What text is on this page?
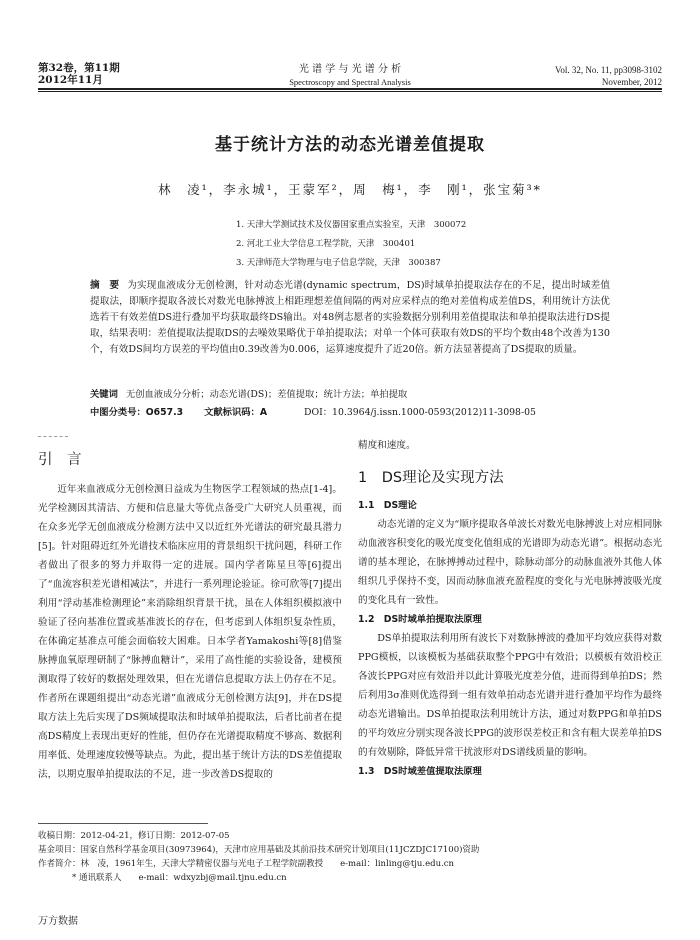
第32卷，第11期
2012年11月
光 谱 学 与 光 谱 分 析
Spectroscopy and Spectral Analysis
Vol. 32, No. 11, pp3098-3102
November, 2012
基于统计方法的动态光谱差值提取
林　凌¹，李永城¹，王蒙军²，周　梅¹，李　刚¹，张宝菊³*
1. 天津大学测试技术及仪器国家重点实验室，天津　300072
2. 河北工业大学信息工程学院，天津　300401
3. 天津师范大学物理与电子信息学院，天津　300387
摘　要 为实现血液成分无创检测，针对动态光谱(dynamic spectrum，DS)时域单拍提取法存在的不足，提出时域差值提取法，即顺序提取各波长对数光电脉搏波上相距理想差值间隔的两对应采样点的绝对差值构成差值DS，利用统计方法优选若干有效差值DS进行叠加平均获取最终DS输出。对48例志愿者的实验数据分别利用差值提取法和单拍提取法进行DS提取，结果表明：差值提取法提取DS的去噪效果略优于单拍提取法；对单一个体可获取有效DS的平均个数由48个改善为130个，有效DS间均方误差的平均值由0.39改善为0.006，运算速度提升了近20倍。新方法显著提高了DS提取的质量。
关键词 无创血液成分分析；动态光谱(DS)；差值提取；统计方法；单拍提取
中图分类号：O657.3 文献标识码：A	DOI：10.3964/j.issn.1000-0593(2012)11-3098-05
引　言

近年来血液成分无创检测日益成为生物医学工程领域的热点[1-4]。光学检测因其清洁、方便和信息量大等优点备受广大研究人员重视，而在众多光学无创血液成分检测方法中又以近红外光谱法的研究最具潜力[5]。针对阻碍近红外光谱技术临床应用的背景组织干扰问题，科研工作者做出了很多的努力并取得一定的进展。国内学者陈星旦等[6]提出了“血流容积差光谱相减法”，并进行一系列理论验证。徐可欣等[7]提出利用“浮动基准检测理论”来消除组织背景干扰，虽在人体组织模拟液中验证了径向基准位置或基准波长的存在，但考虑到人体组织复杂性质，在体确定基准点可能会面临较大困难。日本学者Yamakoshi等[8]借鉴脉搏血氧原理研制了“脉搏血糖计”，采用了高性能的实验设备，建模预测取得了较好的数据处理效果，但在光谱信息提取方法上仍存在不足。作者所在课题组提出“动态光谱”血液成分无创检测方法[9]，并在DS提取方法上先后实现了DS频域提取法和时域单拍提取法，后者比前者在提高DS精度上表现出更好的性能，但仍存在光谱提取精度不够高、数据利用率低、处理速度较慢等缺点。为此，提出基于统计方法的DS差值提取法，以期克服单拍提取法的不足，进一步改善DS提取的

精度和速度。
1　DS理论及实现方法
1.1　DS理论

动态光谱的定义为“顺序提取各单波长对数光电脉搏波上对应相同脉动血液容积变化的吸光度变化值组成的光谱即为动态光谱”。根据动态光谱的基本理论，在脉搏搏动过程中，除脉动部分的动脉血液外其他人体组织几乎保持不变，因而动脉血液充盈程度的变化与光电脉搏波吸光度的变化具有一致性。

1.2　DS时域单拍提取法原理

DS单拍提取法利用所有波长下对数脉搏波的叠加平均效应获得对数PPG模板，以该模板为基础获取整个PPG中有效沿；以模板有效沿校正各波长PPG对应有效沿并以此计算吸光度差分值，进而得到单拍DS；然后利用3σ准则优选得到一组有效单拍动态光谱并进行叠加平均作为最终动态光谱输出。DS单拍提取法利用统计方法，通过对数PPG和单拍DS的平均效应分别实现各波长PPG的波形误差校正和含有粗大误差单拍DS的有效剔除，降低异常干扰波形对DS谱线质量的影响。

1.3　DS时域差值提取法原理
收稿日期：2012-04-21，修订日期：2012-07-05
基金项目：国家自然科学基金项目(30973964)，天津市应用基础及其前沿技术研究计划项目(11JCZDJC17100)资助
作者简介：林　凌，1961年生，天津大学精密仪器与光电子工程学院副教授　　e-mail：linling@tju.edu.cn
* 通讯联系人　　e-mail：wdxyzbj@mail.tjnu.edu.cn
万方数据
